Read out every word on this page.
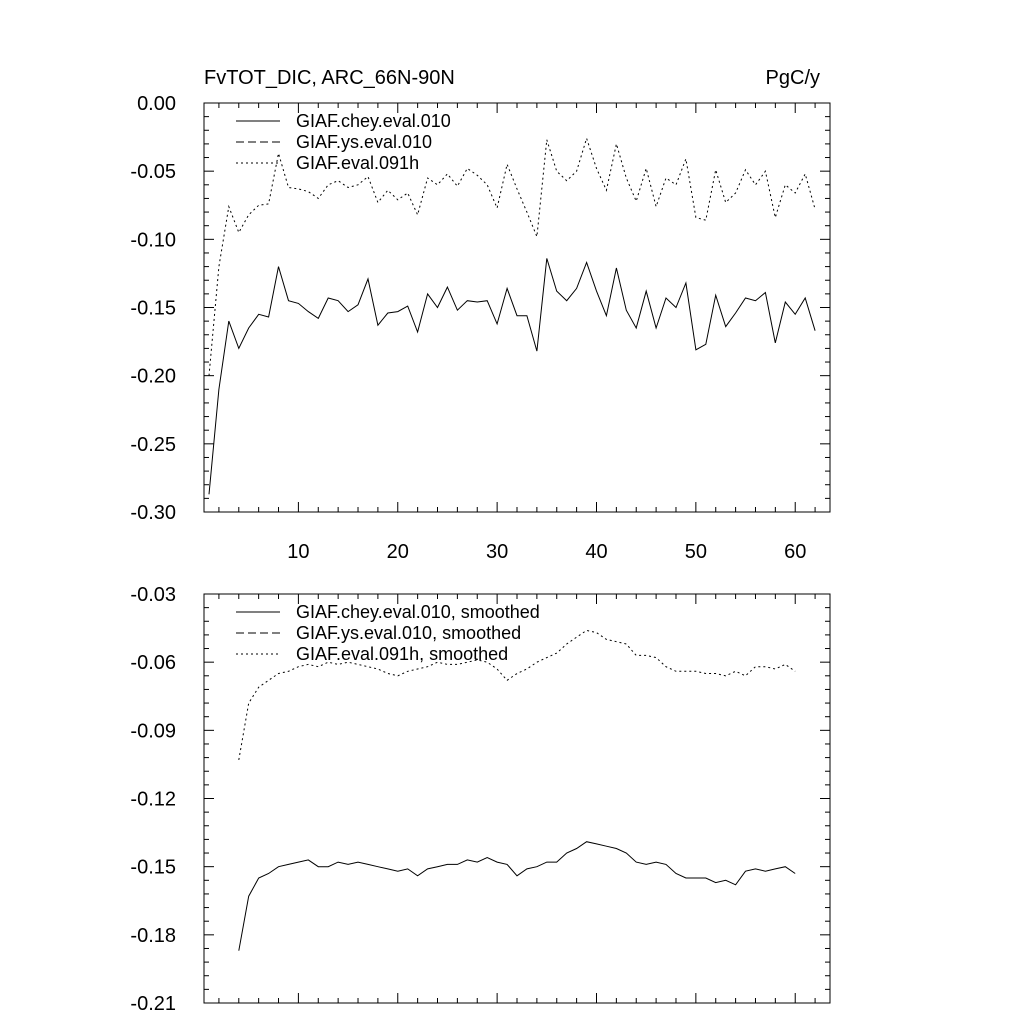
0.00
-0.05
-0.10
-0.15
-0.20
-0.25
-0.30
10	20	30	40	50	60
FvTOT_DIC, ARC_66N-90N	PgC/y
GIAF.chey.eval.010
GIAF.ys.eval.010
GIAF.eval.091h
-0.03
-0.06
-0.09
-0.12
-0.15
-0.18
-0.21
GIAF.chey.eval.010, smoothed
GIAF.ys.eval.010, smoothed
GIAF.eval.091h, smoothed
